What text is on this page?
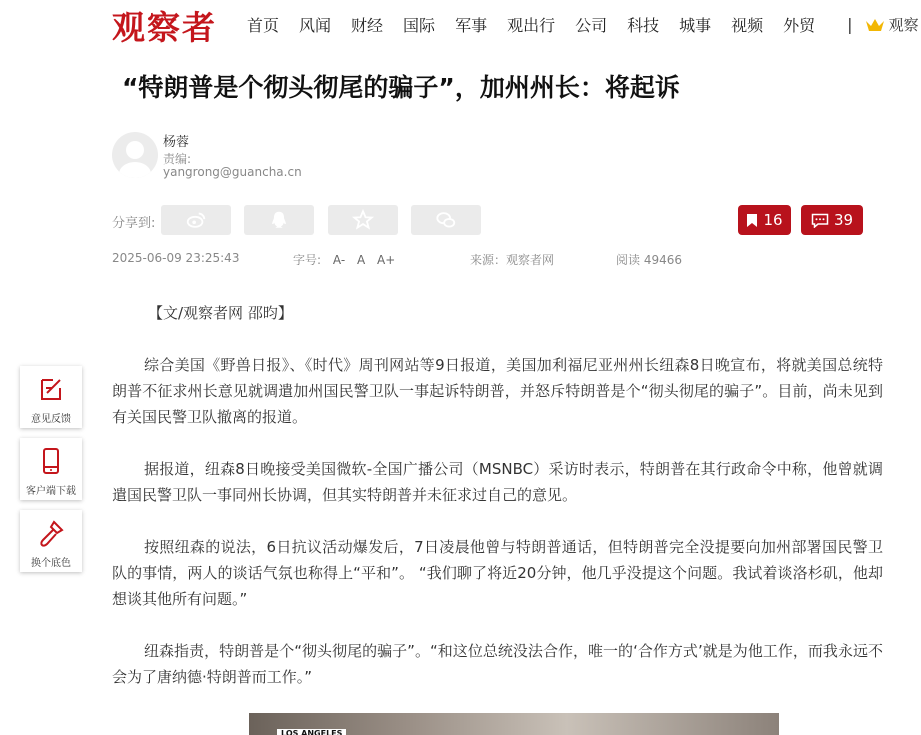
观察者 首页 风闻 财经 国际 军事 观出行 公司 科技 城事 视频 外贸 | 观察
“特朗普是个彻头彻尾的骗子”，加州州长：将起诉
杨蓉
责编:
yangrong@guancha.cn
分享到:	16	39
2025-06-09 23:25:43	字号: A- A A+	来源：观察者网	阅读 49466

【文/观察者网 邵昀】

综合美国《野兽日报》、《时代》周刊网站等9日报道，美国加利福尼亚州州长纽森8日晚宣布，将就美国总统特朗普不征求州长意见就调遣加州国民警卫队一事起诉特朗普，并怒斥特朗普是个“彻头彻尾的骗子”。目前，尚未见到有关国民警卫队撤离的报道。

据报道，纽森8日晚接受美国微软-全国广播公司（MSNBC）采访时表示，特朗普在其行政命令中称，他曾就调遣国民警卫队一事同州长协调，但其实特朗普并未征求过自己的意见。

按照纽森的说法，6日抗议活动爆发后，7日凌晨他曾与特朗普通话，但特朗普完全没提要向加州部署国民警卫队的事情，两人的谈话气氛也称得上“平和”。 “我们聊了将近20分钟，他几乎没提这个问题。我试着谈洛杉矶，他却想谈其他所有问题。”

纽森指责，特朗普是个“彻头彻尾的骗子”。“和这位总统没法合作，唯一的‘合作方式’就是为他工作，而我永远不会为了唐纳德·特朗普而工作。”

LOS ANGELES
意见反馈
客户端下载
换个底色
